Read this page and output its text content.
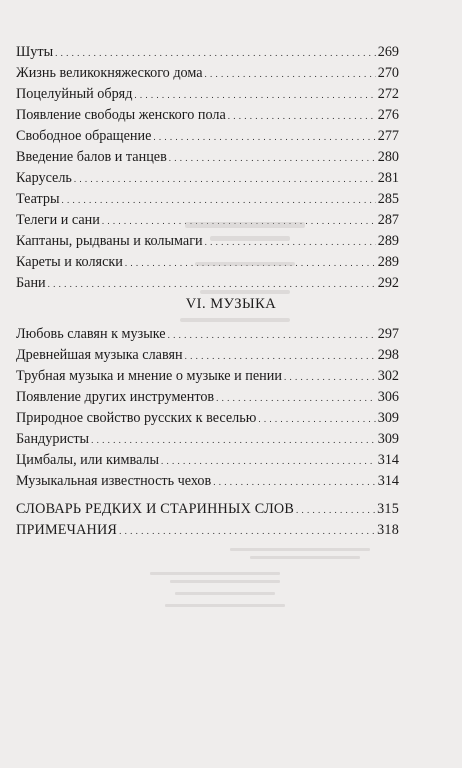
Шуты . . .	269
Жизнь великокняжеского дома . . .	270
Поцелуйный обряд . . .	272
Появление свободы женского пола . . .	276
Свободное обращение . . .	277
Введение балов и танцев . . .	280
Карусель . . .	281
Театры . . .	285
Телеги и сани . . .	287
Каптаны, рыдваны и колымаги . . .	289
Кареты и коляски . . .	289
Бани . . .	292
VI. МУЗЫКА
Любовь славян к музыке . . .	297
Древнейшая музыка славян . . .	298
Трубная музыка и мнение о музыке и пении . . .	302
Появление других инструментов . . .	306
Природное свойство русских к веселью . . .	309
Бандуристы . . .	309
Цимбалы, или кимвалы . . .	314
Музыкальная известность чехов . . .	314
СЛОВАРЬ РЕДКИХ И СТАРИННЫХ СЛОВ . . .	315
ПРИМЕЧАНИЯ . . .	318
